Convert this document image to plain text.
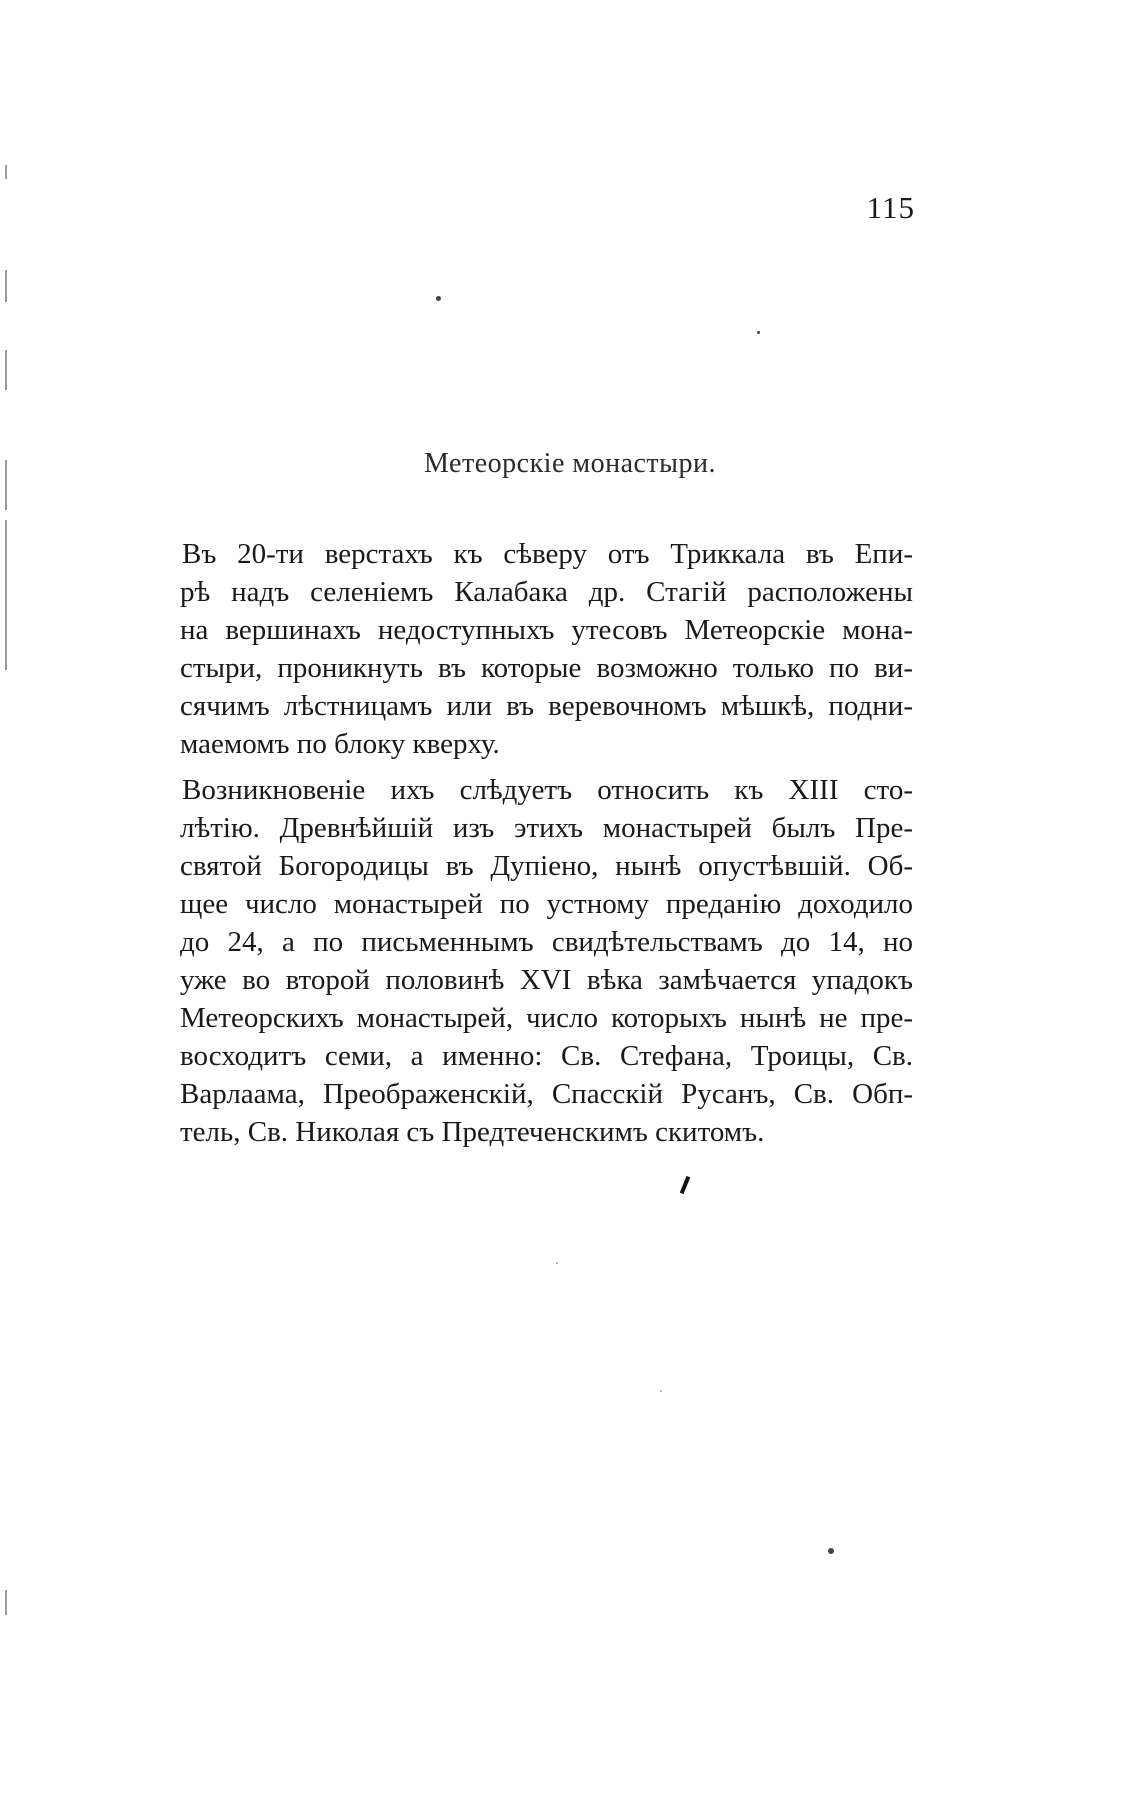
115
Метеорскіе монастыри.
Въ 20-ти верстахъ къ сѣверу отъ Триккала въ Епи-
рѣ надъ селеніемъ Калабака др. Стагій расположены
на вершинахъ недоступныхъ утесовъ Метеорскіе мона-
стыри, проникнуть въ которые возможно только по ви-
сячимъ лѣстницамъ или въ веревочномъ мѣшкѣ, подни-
маемомъ по блоку кверху.
Возникновеніе ихъ слѣдуетъ относить къ XIII сто-
лѣтію. Древнѣйшій изъ этихъ монастырей былъ Пре-
святой Богородицы въ Дупіено, нынѣ опустѣвшій. Об-
щее число монастырей по устному преданію доходило
до 24, а по письменнымъ свидѣтельствамъ до 14, но
уже во второй половинѣ XVI вѣка замѣчается упадокъ
Метеорскихъ монастырей, число которыхъ нынѣ не пре-
восходитъ семи, а именно: Св. Стефана, Троицы, Св.
Варлаама, Преображенскій, Спасскій Русанъ, Св. Обп-
тель, Св. Николая съ Предтеченскимъ скитомъ.
